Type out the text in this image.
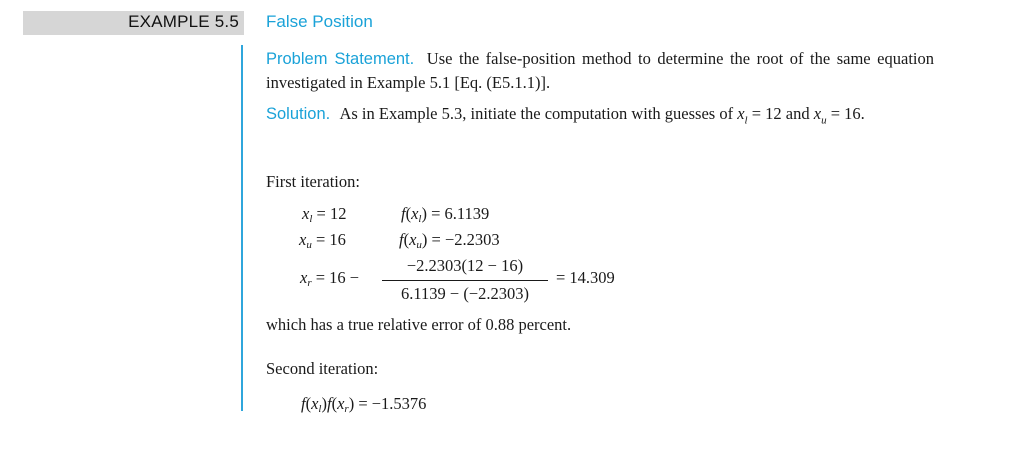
EXAMPLE 5.5 False Position
Problem Statement. Use the false-position method to determine the root of the same equation investigated in Example 5.1 [Eq. (E5.1.1)].
Solution. As in Example 5.3, initiate the computation with guesses of $x_l = 12$ and $x_u = 16$.
First iteration:
$x_l = 12$	$f(x_l) = 6.1139$
$x_u = 16$	$f(x_u) = -2.2303$
$x_r = 16$ −
−2.2303(12 − 16)
6.1139 − (−2.2303)
= 14.309
which has a true relative error of 0.88 percent.
Second iteration:
$f(x_l)f(x_r) = -1.5376$
